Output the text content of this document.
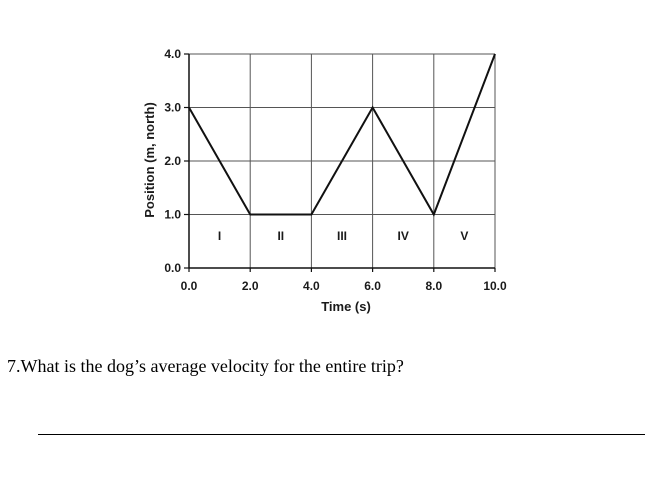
I	II	III	IV	V
0.0
1.0
2.0
3.0
4.0
0.0	2.0	4.0	6.0	8.0	10.0
Time (s)
Position (m, north)
7.What is the dog’s average velocity for the entire trip?
